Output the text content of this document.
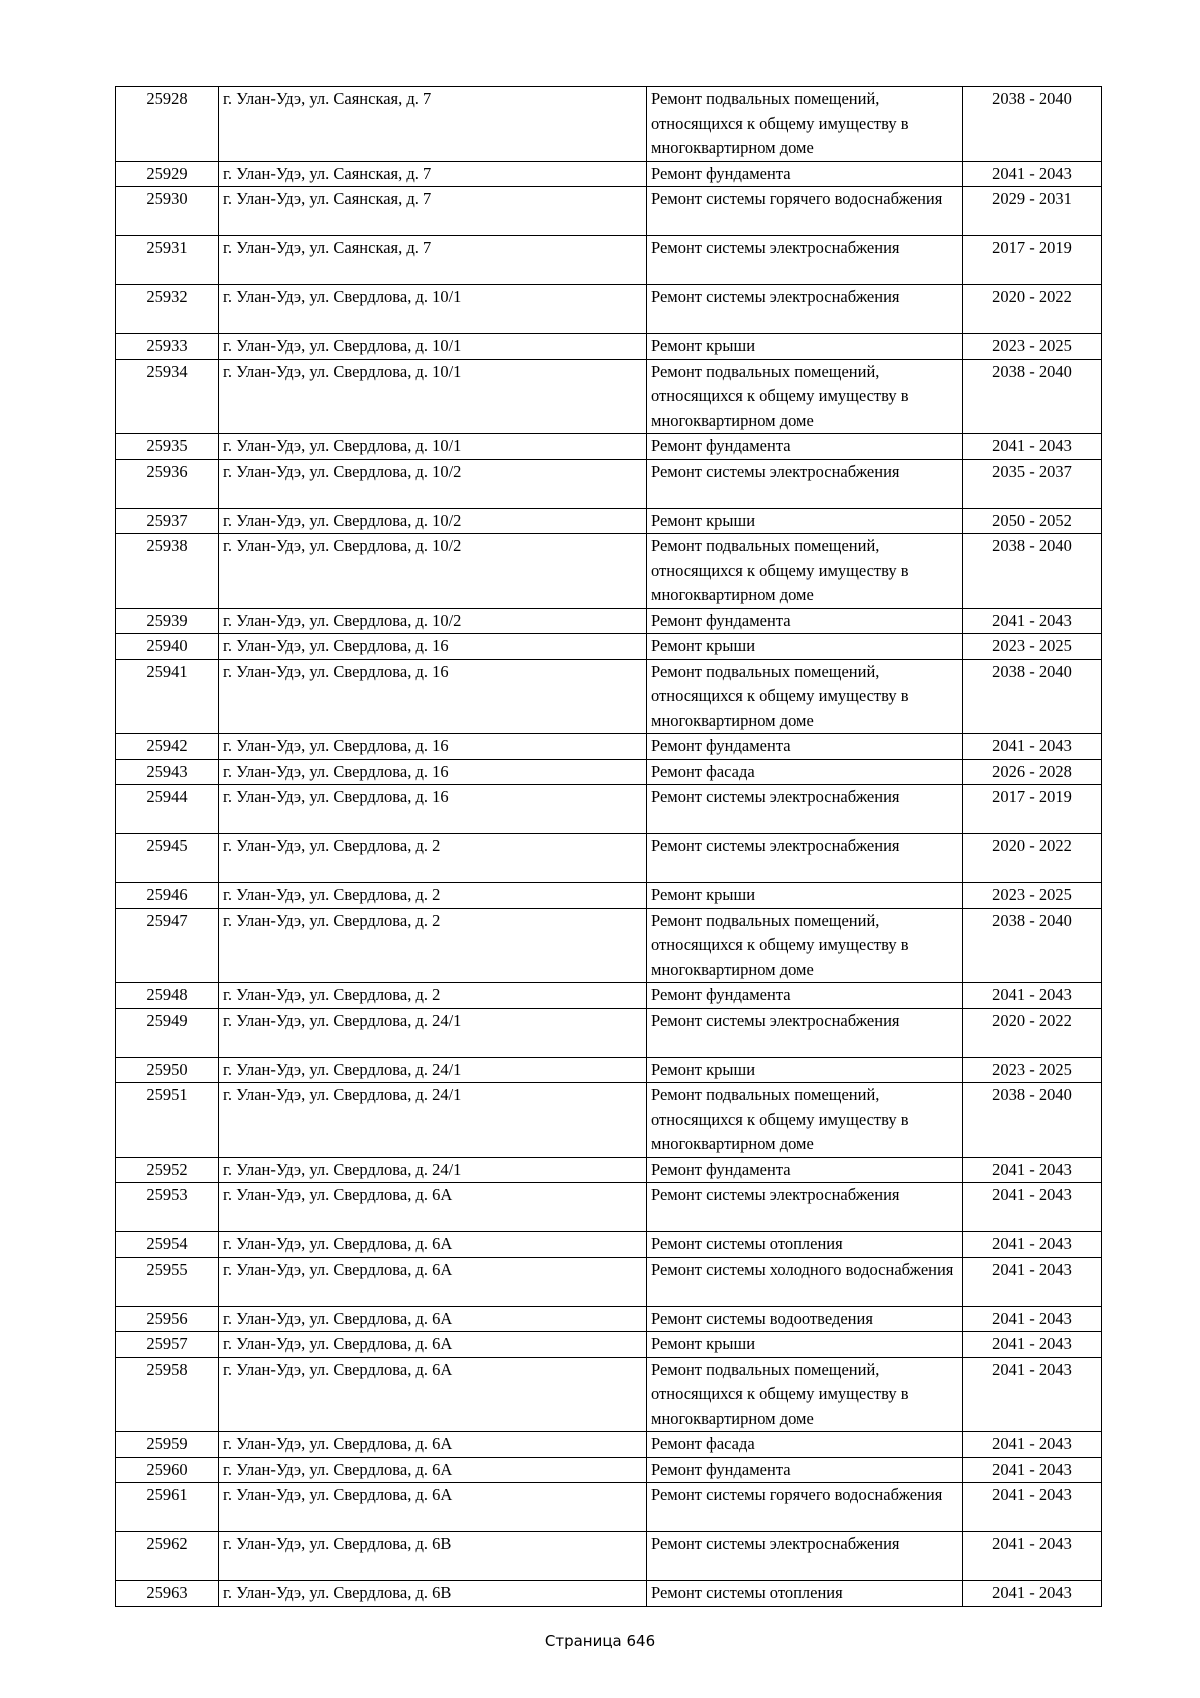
25928	г. Улан-Удэ, ул. Саянская, д. 7	Ремонт подвальных помещений, относящихся к общему имуществу в многоквартирном доме	2038 - 2040
25929	г. Улан-Удэ, ул. Саянская, д. 7	Ремонт фундамента	2041 - 2043
25930	г. Улан-Удэ, ул. Саянская, д. 7	Ремонт системы горячего водоснабжения	2029 - 2031
25931	г. Улан-Удэ, ул. Саянская, д. 7	Ремонт системы электроснабжения	2017 - 2019
25932	г. Улан-Удэ, ул. Свердлова, д. 10/1	Ремонт системы электроснабжения	2020 - 2022
25933	г. Улан-Удэ, ул. Свердлова, д. 10/1	Ремонт крыши	2023 - 2025
25934	г. Улан-Удэ, ул. Свердлова, д. 10/1	Ремонт подвальных помещений, относящихся к общему имуществу в многоквартирном доме	2038 - 2040
25935	г. Улан-Удэ, ул. Свердлова, д. 10/1	Ремонт фундамента	2041 - 2043
25936	г. Улан-Удэ, ул. Свердлова, д. 10/2	Ремонт системы электроснабжения	2035 - 2037
25937	г. Улан-Удэ, ул. Свердлова, д. 10/2	Ремонт крыши	2050 - 2052
25938	г. Улан-Удэ, ул. Свердлова, д. 10/2	Ремонт подвальных помещений, относящихся к общему имуществу в многоквартирном доме	2038 - 2040
25939	г. Улан-Удэ, ул. Свердлова, д. 10/2	Ремонт фундамента	2041 - 2043
25940	г. Улан-Удэ, ул. Свердлова, д. 16	Ремонт крыши	2023 - 2025
25941	г. Улан-Удэ, ул. Свердлова, д. 16	Ремонт подвальных помещений, относящихся к общему имуществу в многоквартирном доме	2038 - 2040
25942	г. Улан-Удэ, ул. Свердлова, д. 16	Ремонт фундамента	2041 - 2043
25943	г. Улан-Удэ, ул. Свердлова, д. 16	Ремонт фасада	2026 - 2028
25944	г. Улан-Удэ, ул. Свердлова, д. 16	Ремонт системы электроснабжения	2017 - 2019
25945	г. Улан-Удэ, ул. Свердлова, д. 2	Ремонт системы электроснабжения	2020 - 2022
25946	г. Улан-Удэ, ул. Свердлова, д. 2	Ремонт крыши	2023 - 2025
25947	г. Улан-Удэ, ул. Свердлова, д. 2	Ремонт подвальных помещений, относящихся к общему имуществу в многоквартирном доме	2038 - 2040
25948	г. Улан-Удэ, ул. Свердлова, д. 2	Ремонт фундамента	2041 - 2043
25949	г. Улан-Удэ, ул. Свердлова, д. 24/1	Ремонт системы электроснабжения	2020 - 2022
25950	г. Улан-Удэ, ул. Свердлова, д. 24/1	Ремонт крыши	2023 - 2025
25951	г. Улан-Удэ, ул. Свердлова, д. 24/1	Ремонт подвальных помещений, относящихся к общему имуществу в многоквартирном доме	2038 - 2040
25952	г. Улан-Удэ, ул. Свердлова, д. 24/1	Ремонт фундамента	2041 - 2043
25953	г. Улан-Удэ, ул. Свердлова, д. 6А	Ремонт системы электроснабжения	2041 - 2043
25954	г. Улан-Удэ, ул. Свердлова, д. 6А	Ремонт системы отопления	2041 - 2043
25955	г. Улан-Удэ, ул. Свердлова, д. 6А	Ремонт системы холодного водоснабжения	2041 - 2043
25956	г. Улан-Удэ, ул. Свердлова, д. 6А	Ремонт системы водоотведения	2041 - 2043
25957	г. Улан-Удэ, ул. Свердлова, д. 6А	Ремонт крыши	2041 - 2043
25958	г. Улан-Удэ, ул. Свердлова, д. 6А	Ремонт подвальных помещений, относящихся к общему имуществу в многоквартирном доме	2041 - 2043
25959	г. Улан-Удэ, ул. Свердлова, д. 6А	Ремонт фасада	2041 - 2043
25960	г. Улан-Удэ, ул. Свердлова, д. 6А	Ремонт фундамента	2041 - 2043
25961	г. Улан-Удэ, ул. Свердлова, д. 6А	Ремонт системы горячего водоснабжения	2041 - 2043
25962	г. Улан-Удэ, ул. Свердлова, д. 6В	Ремонт системы электроснабжения	2041 - 2043
25963	г. Улан-Удэ, ул. Свердлова, д. 6В	Ремонт системы отопления	2041 - 2043
Страница 646
